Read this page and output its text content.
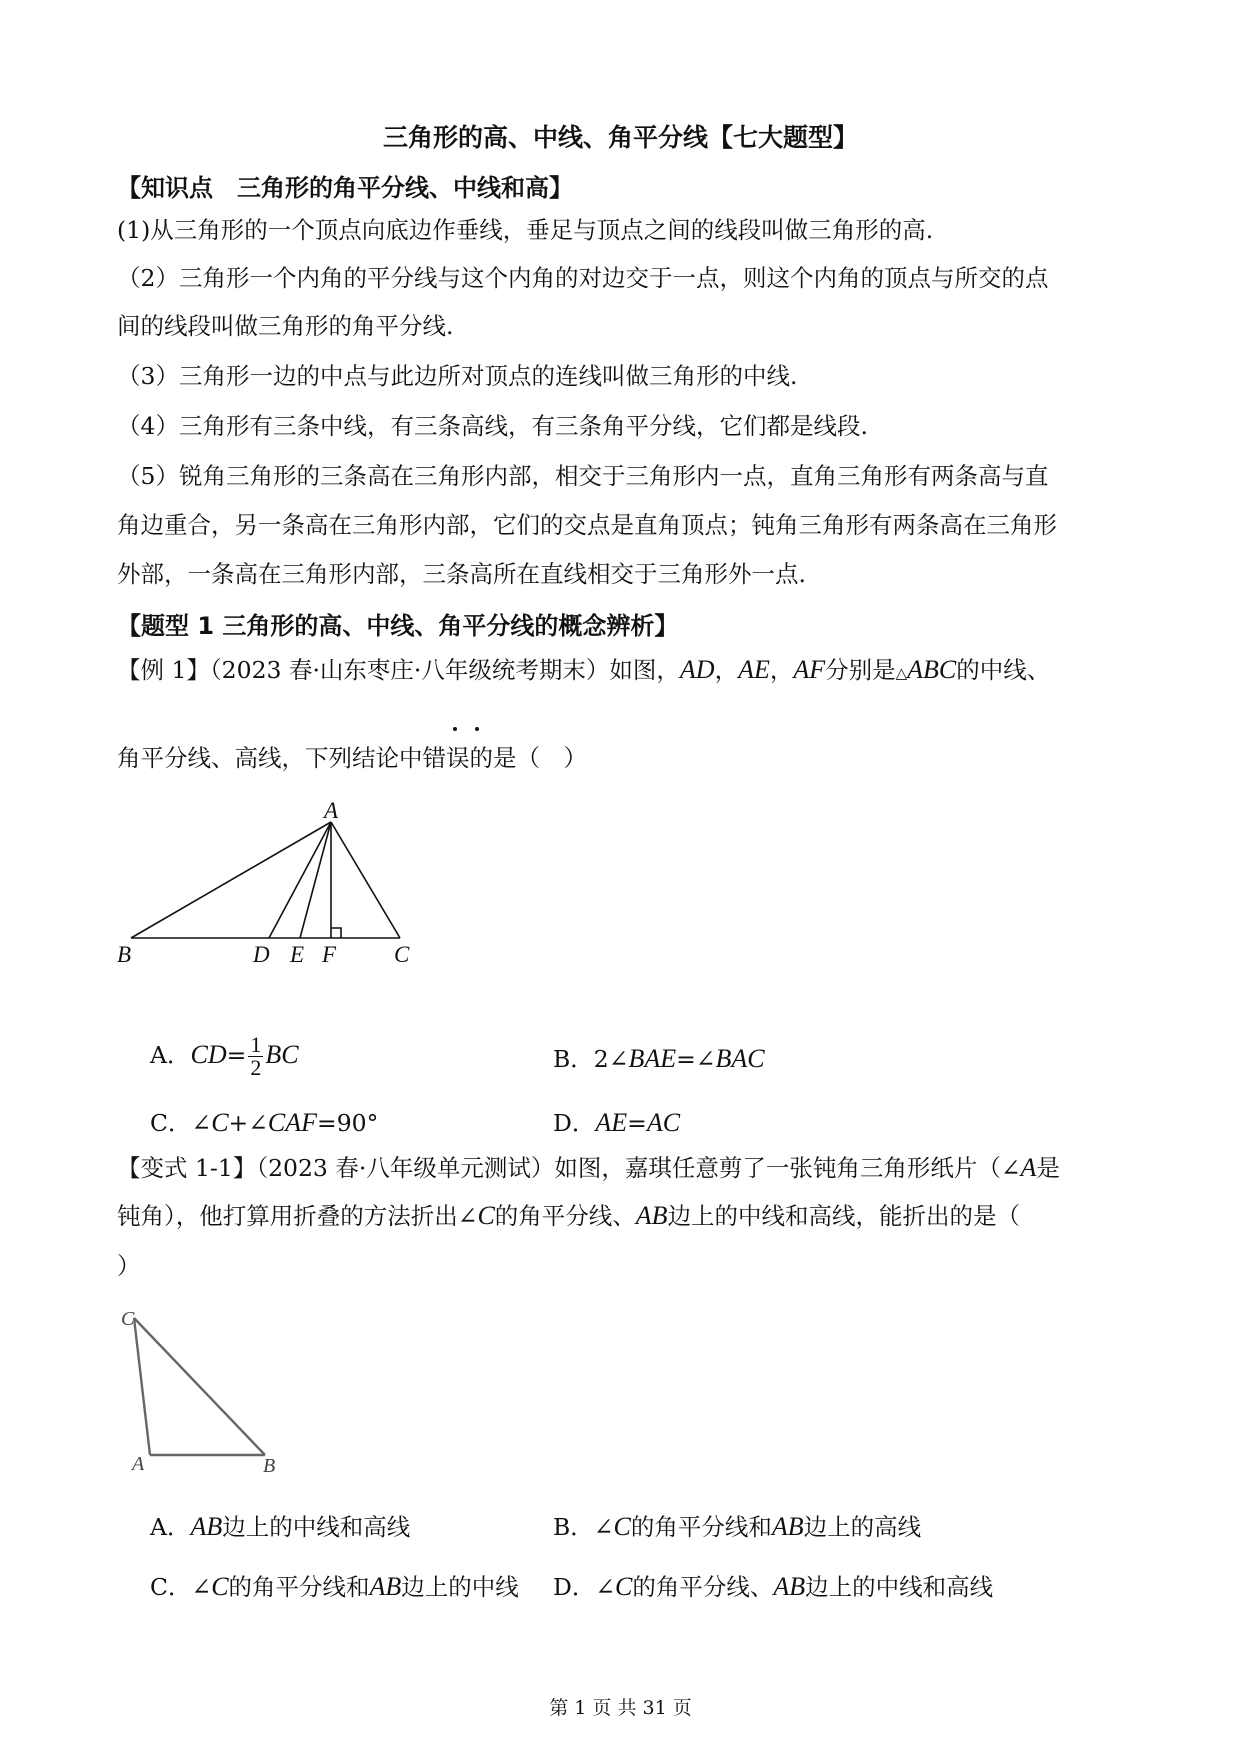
三角形的高、中线、角平分线【七大题型】
【知识点　三角形的角平分线、中线和高】
(1)从三角形的一个顶点向底边作垂线，垂足与顶点之间的线段叫做三角形的高.
（2）三角形一个内角的平分线与这个内角的对边交于一点，则这个内角的顶点与所交的点
间的线段叫做三角形的角平分线.
（3）三角形一边的中点与此边所对顶点的连线叫做三角形的中线.
（4）三角形有三条中线，有三条高线，有三条角平分线，它们都是线段.
（5）锐角三角形的三条高在三角形内部，相交于三角形内一点，直角三角形有两条高与直
角边重合，另一条高在三角形内部，它们的交点是直角顶点；钝角三角形有两条高在三角形
外部，一条高在三角形内部，三条高所在直线相交于三角形外一点.
【题型 1 三角形的高、中线、角平分线的概念辨析】
【例 1】（2023 春·山东枣庄·八年级统考期末）如图，AD，AE，AF分别是△ABC的中线、
角平分线、高线，下列结论中错误的是（　）
A
B	D E F	C
A．$CD= \frac{1}{2}$ BC	B．2∠BAE=∠BAC
C．∠C+∠CAF=90°	D．AE=AC
【变式 1-1】（2023 春·八年级单元测试）如图，嘉琪任意剪了一张钝角三角形纸片（∠A是
钝角），他打算用折叠的方法折出∠C的角平分线、AB边上的中线和高线，能折出的是（
）
C
A	B
A．AB边上的中线和高线	B．∠C的角平分线和AB边上的高线
C．∠C的角平分线和AB边上的中线 D．∠C的角平分线、AB边上的中线和高线
第 1 页 共 31 页
